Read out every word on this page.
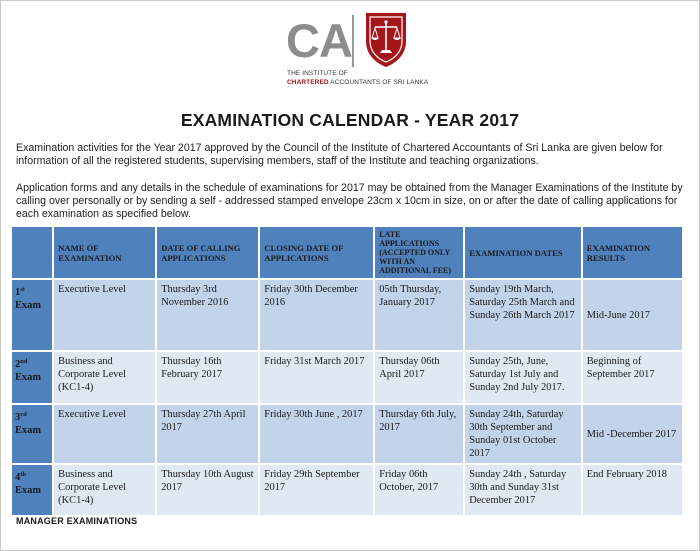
CA
THE INSTITUTE OF
CHARTERED ACCOUNTANTS OF SRI LANKA
EXAMINATION CALENDAR - YEAR 2017
Examination activities for the Year 2017 approved by the Council of the Institute of Chartered Accountants of Sri Lanka are given below for information of all the registered students, supervising members, staff of the Institute and teaching organizations.
Application forms and any details in the schedule of examinations for 2017 may be obtained from the Manager Examinations of the Institute by calling over personally or by sending a self - addressed stamped envelope 23cm x 10cm in size, on or after the date of calling applications for each examination as specified below.
	NAME OF EXAMINATION	DATE OF CALLING APPLICATIONS	CLOSING DATE OF APPLICATIONS	LATE APPLICATIONS (ACCEPTED ONLY WITH AN ADDITIONAL FEE)	EXAMINATION DATES	EXAMINATION RESULTS
1st
Exam	Executive Level	Thursday 3rd November 2016	Friday 30th December 2016	05th Thursday, January 2017	Sunday 19th March, Saturday 25th March and Sunday 26th March 2017	Mid-June 2017
2nd
Exam	Business and Corporate Level (KC1-4)	Thursday 16th February 2017	Friday 31st March 2017	Thursday 06th April 2017	Sunday 25th, June, Saturday 1st July and Sunday 2nd July 2017.	Beginning of September 2017
3rd
Exam	Executive Level	Thursday 27th April 2017	Friday 30th June , 2017	Thursday 6th July, 2017	Sunday 24th, Saturday 30th September and Sunday 01st October 2017	Mid -December 2017
4th
Exam	Business and Corporate Level (KC1-4)	Thursday 10th August 2017	Friday 29th September 2017	Friday 06th October, 2017	Sunday 24th , Saturday 30th and Sunday 31st December 2017	End February 2018
MANAGER EXAMINATIONS
